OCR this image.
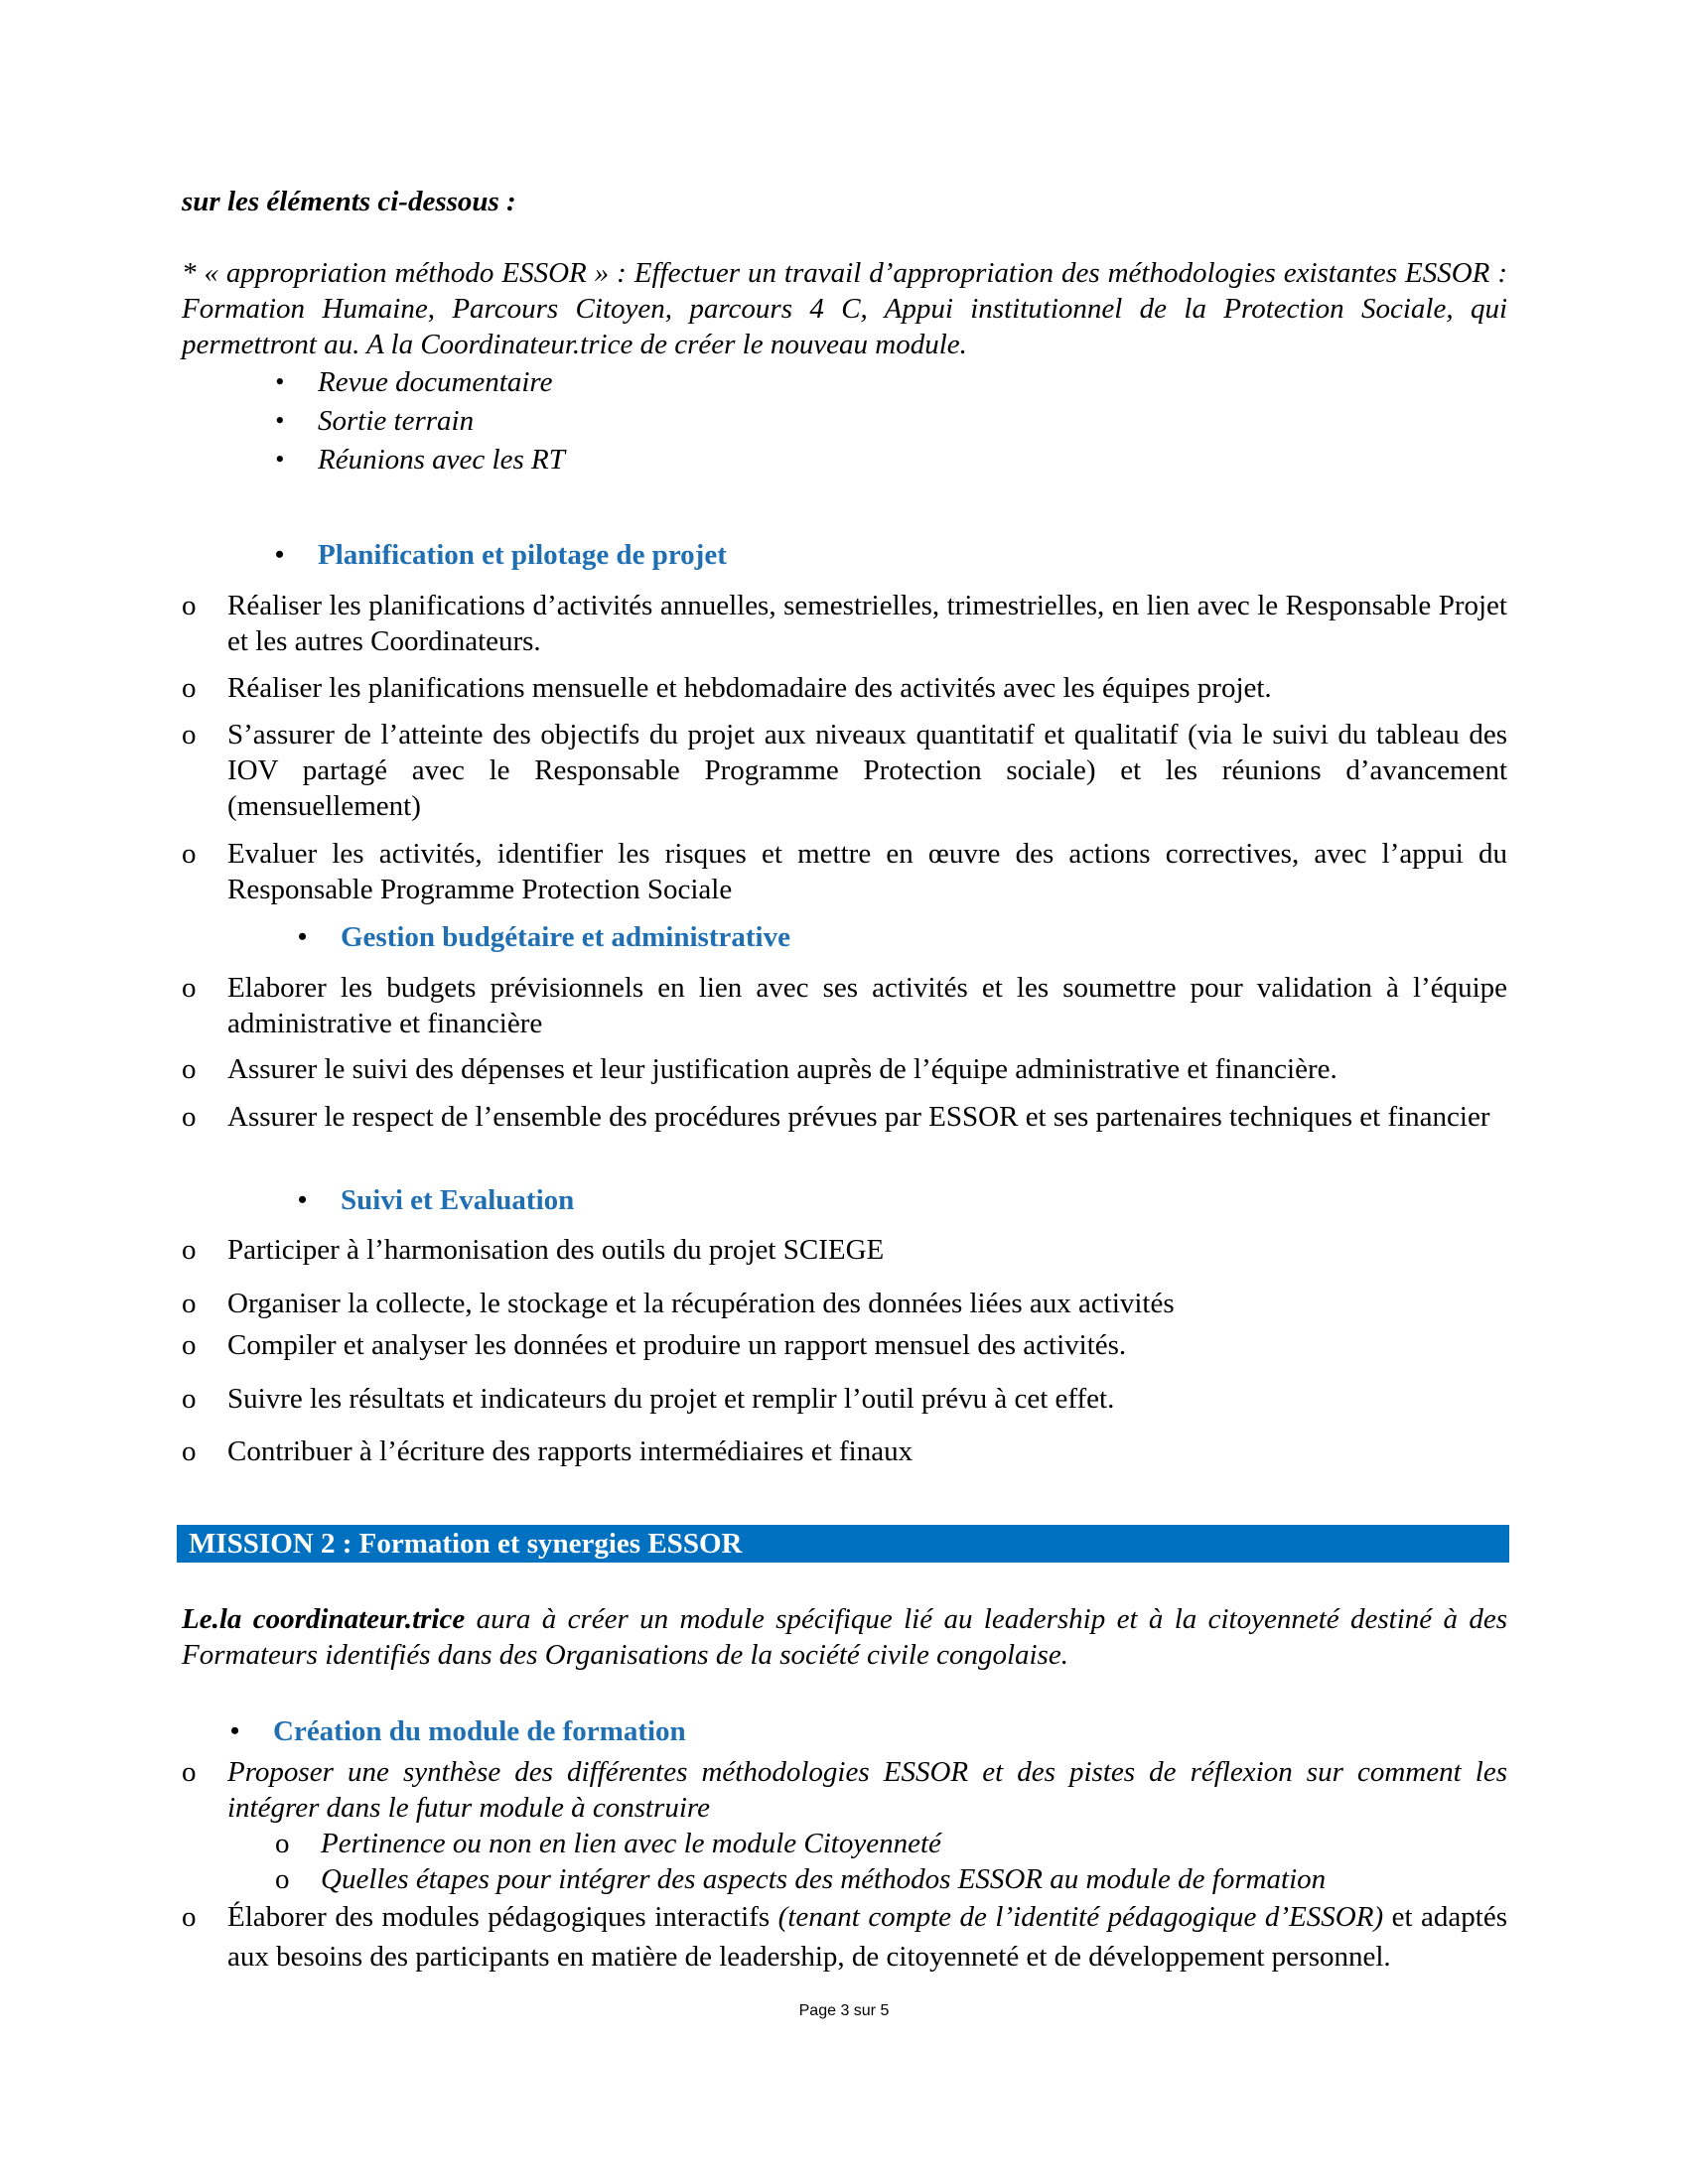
sur les éléments ci-dessous :
* « appropriation méthodo ESSOR » : Effectuer un travail d’appropriation des méthodologies existantes ESSOR : Formation Humaine, Parcours Citoyen, parcours 4 C, Appui institutionnel de la Protection Sociale, qui permettront au. A la Coordinateur.trice de créer le nouveau module.
• Revue documentaire
• Sortie terrain
• Réunions avec les RT
• Planification et pilotage de projet
o Réaliser les planifications d’activités annuelles, semestrielles, trimestrielles, en lien avec le Responsable Projet et les autres Coordinateurs.
o Réaliser les planifications mensuelle et hebdomadaire des activités avec les équipes projet.
o S’assurer de l’atteinte des objectifs du projet aux niveaux quantitatif et qualitatif (via le suivi du tableau des IOV partagé avec le Responsable Programme Protection sociale) et les réunions d’avancement (mensuellement)
o Evaluer les activités, identifier les risques et mettre en œuvre des actions correctives, avec l’appui du Responsable Programme Protection Sociale
• Gestion budgétaire et administrative
o Elaborer les budgets prévisionnels en lien avec ses activités et les soumettre pour validation à l’équipe administrative et financière
o Assurer le suivi des dépenses et leur justification auprès de l’équipe administrative et financière.
o Assurer le respect de l’ensemble des procédures prévues par ESSOR et ses partenaires techniques et financier
• Suivi et Evaluation
o Participer à l’harmonisation des outils du projet SCIEGE
o Organiser la collecte, le stockage et la récupération des données liées aux activités
o Compiler et analyser les données et produire un rapport mensuel des activités.
o Suivre les résultats et indicateurs du projet et remplir l’outil prévu à cet effet.
o Contribuer à l’écriture des rapports intermédiaires et finaux
MISSION 2 : Formation et synergies ESSOR
Le.la coordinateur.trice aura à créer un module spécifique lié au leadership et à la citoyenneté destiné à des Formateurs identifiés dans des Organisations de la société civile congolaise.
• Création du module de formation
o Proposer une synthèse des différentes méthodologies ESSOR et des pistes de réflexion sur comment les intégrer dans le futur module à construire
o Pertinence ou non en lien avec le module Citoyenneté
o Quelles étapes pour intégrer des aspects des méthodos ESSOR au module de formation
o Élaborer des modules pédagogiques interactifs (tenant compte de l’identité pédagogique d’ESSOR) et adaptés aux besoins des participants en matière de leadership, de citoyenneté et de développement personnel.
Page 3 sur 5
